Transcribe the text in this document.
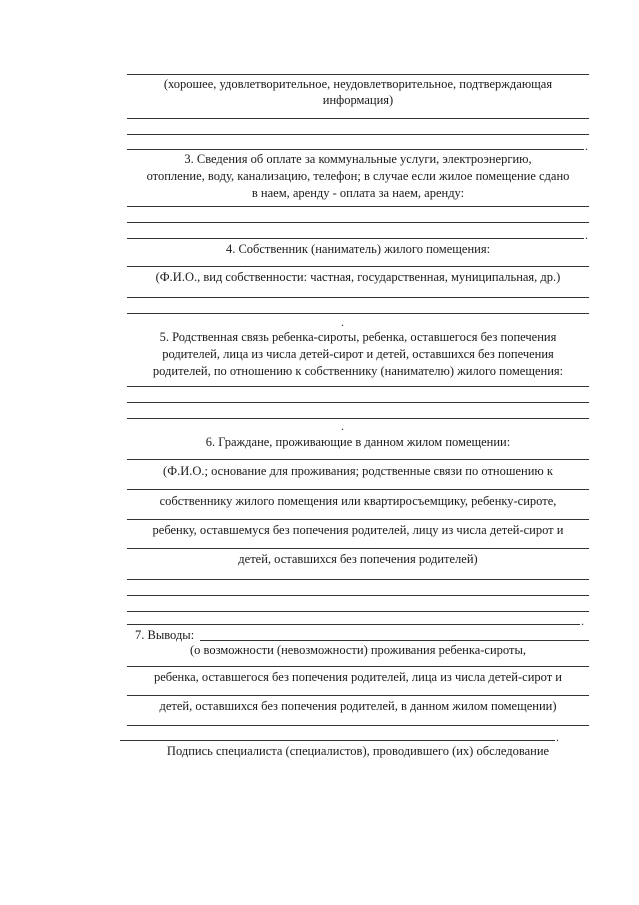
(хорошее, удовлетворительное, неудовлетворительное, подтверждающая
информация)
.
3. Сведения об оплате за коммунальные услуги, электроэнергию,
отопление, воду, канализацию, телефон; в случае если жилое помещение сдано
в наем, аренду - оплата за наем, аренду:
.
4. Собственник (наниматель) жилого помещения:
(Ф.И.О., вид собственности: частная, государственная, муниципальная, др.)
.
5. Родственная связь ребенка-сироты, ребенка, оставшегося без попечения
родителей, лица из числа детей-сирот и детей, оставшихся без попечения
родителей, по отношению к собственнику (нанимателю) жилого помещения:
.
6. Граждане, проживающие в данном жилом помещении:
(Ф.И.О.; основание для проживания; родственные связи по отношению к
собственнику жилого помещения или квартиросъемщику, ребенку-сироте,
ребенку, оставшемуся без попечения родителей, лицу из числа детей-сирот и
детей, оставшихся без попечения родителей)
.
7. Выводы:
(о возможности (невозможности) проживания ребенка-сироты,
ребенка, оставшегося без попечения родителей, лица из числа детей-сирот и
детей, оставшихся без попечения родителей, в данном жилом помещении)
.
Подпись специалиста (специалистов), проводившего (их) обследование
